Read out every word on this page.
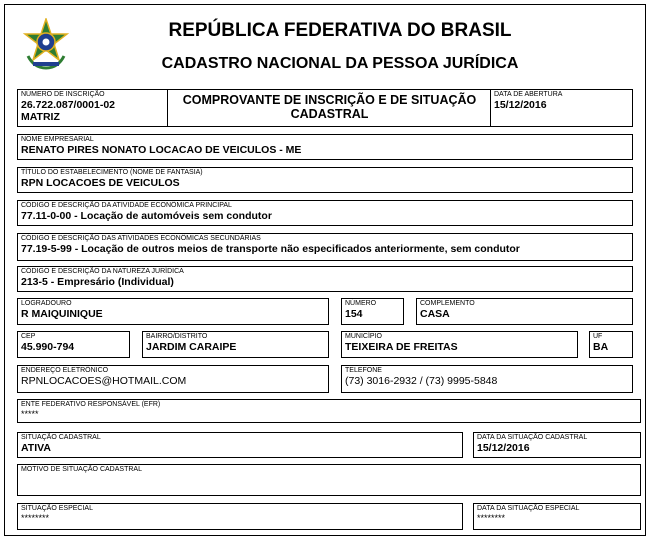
REPÚBLICA FEDERATIVA DO BRASIL
CADASTRO NACIONAL DA PESSOA JURÍDICA
NÚMERO DE INSCRIÇÃO
26.722.087/0001-02
MATRIZ
COMPROVANTE DE INSCRIÇÃO E DE SITUAÇÃO
CADASTRAL
DATA DE ABERTURA
15/12/2016
NOME EMPRESARIAL
RENATO PIRES NONATO LOCACAO DE VEICULOS - ME
TÍTULO DO ESTABELECIMENTO (NOME DE FANTASIA)
RPN LOCACOES DE VEICULOS
CÓDIGO E DESCRIÇÃO DA ATIVIDADE ECONÔMICA PRINCIPAL
77.11-0-00 - Locação de automóveis sem condutor
CÓDIGO E DESCRIÇÃO DAS ATIVIDADES ECONÔMICAS SECUNDÁRIAS
77.19-5-99 - Locação de outros meios de transporte não especificados anteriormente, sem condutor
CÓDIGO E DESCRIÇÃO DA NATUREZA JURÍDICA
213-5 - Empresário (Individual)
LOGRADOURO
R MAIQUINIQUE
NÚMERO
154
COMPLEMENTO
CASA
CEP
45.990-794
BAIRRO/DISTRITO
JARDIM CARAIPE
MUNICÍPIO
TEIXEIRA DE FREITAS
UF
BA
ENDEREÇO ELETRÔNICO
RPNLOCACOES@HOTMAIL.COM
TELEFONE
(73) 3016-2932 / (73) 9995-5848
ENTE FEDERATIVO RESPONSÁVEL (EFR)
*****
SITUAÇÃO CADASTRAL
ATIVA
DATA DA SITUAÇÃO CADASTRAL
15/12/2016
MOTIVO DE SITUAÇÃO CADASTRAL
SITUAÇÃO ESPECIAL
********
DATA DA SITUAÇÃO ESPECIAL
********
